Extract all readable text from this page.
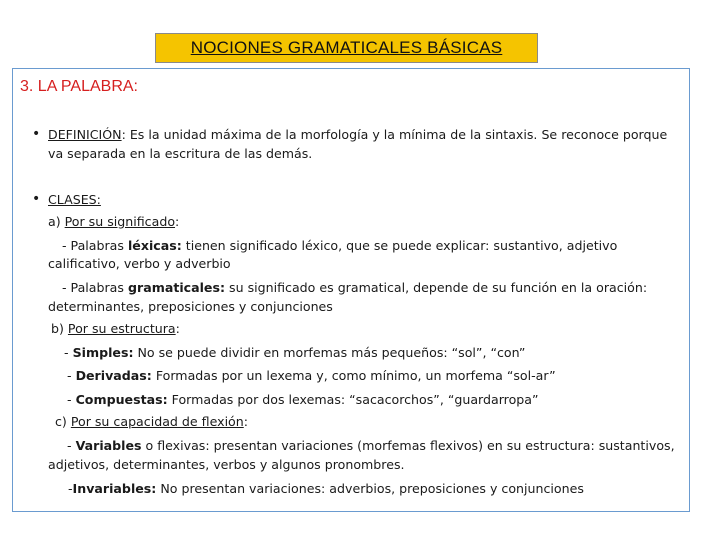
NOCIONES GRAMATICALES BÁSICAS
3. LA PALABRA:
• DEFINICIÓN: Es la unidad máxima de la morfología y la mínima de la sintaxis. Se reconoce porque
va separada en la escritura de las demás.
• CLASES:
a) Por su significado:
- Palabras léxicas: tienen significado léxico, que se puede explicar: sustantivo, adjetivo
calificativo, verbo y adverbio
- Palabras gramaticales: su significado es gramatical, depende de su función en la oración:
determinantes, preposiciones y conjunciones
b) Por su estructura:
- Simples: No se puede dividir en morfemas más pequeños: “sol”, “con”
- Derivadas: Formadas por un lexema y, como mínimo, un morfema “sol-ar”
- Compuestas: Formadas por dos lexemas: “sacacorchos”, “guardarropa”
c) Por su capacidad de flexión:
- Variables o flexivas: presentan variaciones (morfemas flexivos) en su estructura: sustantivos,
adjetivos, determinantes, verbos y algunos pronombres.
-Invariables: No presentan variaciones: adverbios, preposiciones y conjunciones
